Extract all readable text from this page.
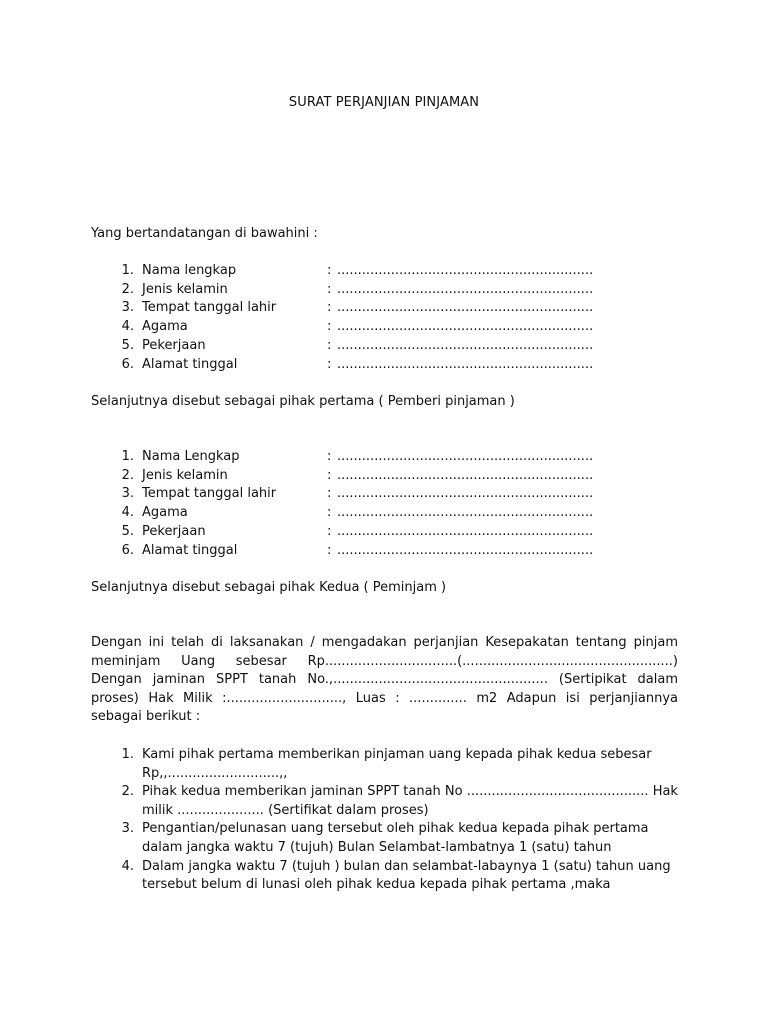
SURAT PERJANJIAN PINJAMAN
Yang bertandatangan di bawahini :
1. Nama lengkap	: ..............................................................
2. Jenis kelamin	: ..............................................................
3. Tempat tanggal lahir	: ..............................................................
4. Agama	: ..............................................................
5. Pekerjaan	: ..............................................................
6. Alamat tinggal	: ..............................................................
Selanjutnya disebut sebagai pihak pertama ( Pemberi pinjaman )
1. Nama Lengkap	: ..............................................................
2. Jenis kelamin	: ..............................................................
3. Tempat tanggal lahir	: ..............................................................
4. Agama	: ..............................................................
5. Pekerjaan	: ..............................................................
6. Alamat tinggal	: ..............................................................
Selanjutnya disebut sebagai pihak Kedua ( Peminjam )
Dengan ini telah di laksanakan / mengadakan perjanjian Kesepakatan tentang pinjam meminjam Uang sebesar Rp................................(...................................................) Dengan jaminan SPPT tanah No.,.................................................... (Sertipikat dalam proses) Hak Milik :............................, Luas : .............. m2 Adapun isi perjanjiannya sebagai berikut :
1. Kami pihak pertama memberikan pinjaman uang kepada pihak kedua sebesar Rp,,...........................,,
2. Pihak kedua memberikan jaminan SPPT tanah No ............................................ Hak milik ..................... (Sertifikat dalam proses)
3. Pengantian/pelunasan uang tersebut oleh pihak kedua kepada pihak pertama dalam jangka waktu 7 (tujuh) Bulan Selambat-lambatnya 1 (satu) tahun
4. Dalam jangka waktu 7 (tujuh ) bulan dan selambat-labaynya 1 (satu) tahun uang tersebut belum di lunasi oleh pihak kedua kepada pihak pertama ,maka
